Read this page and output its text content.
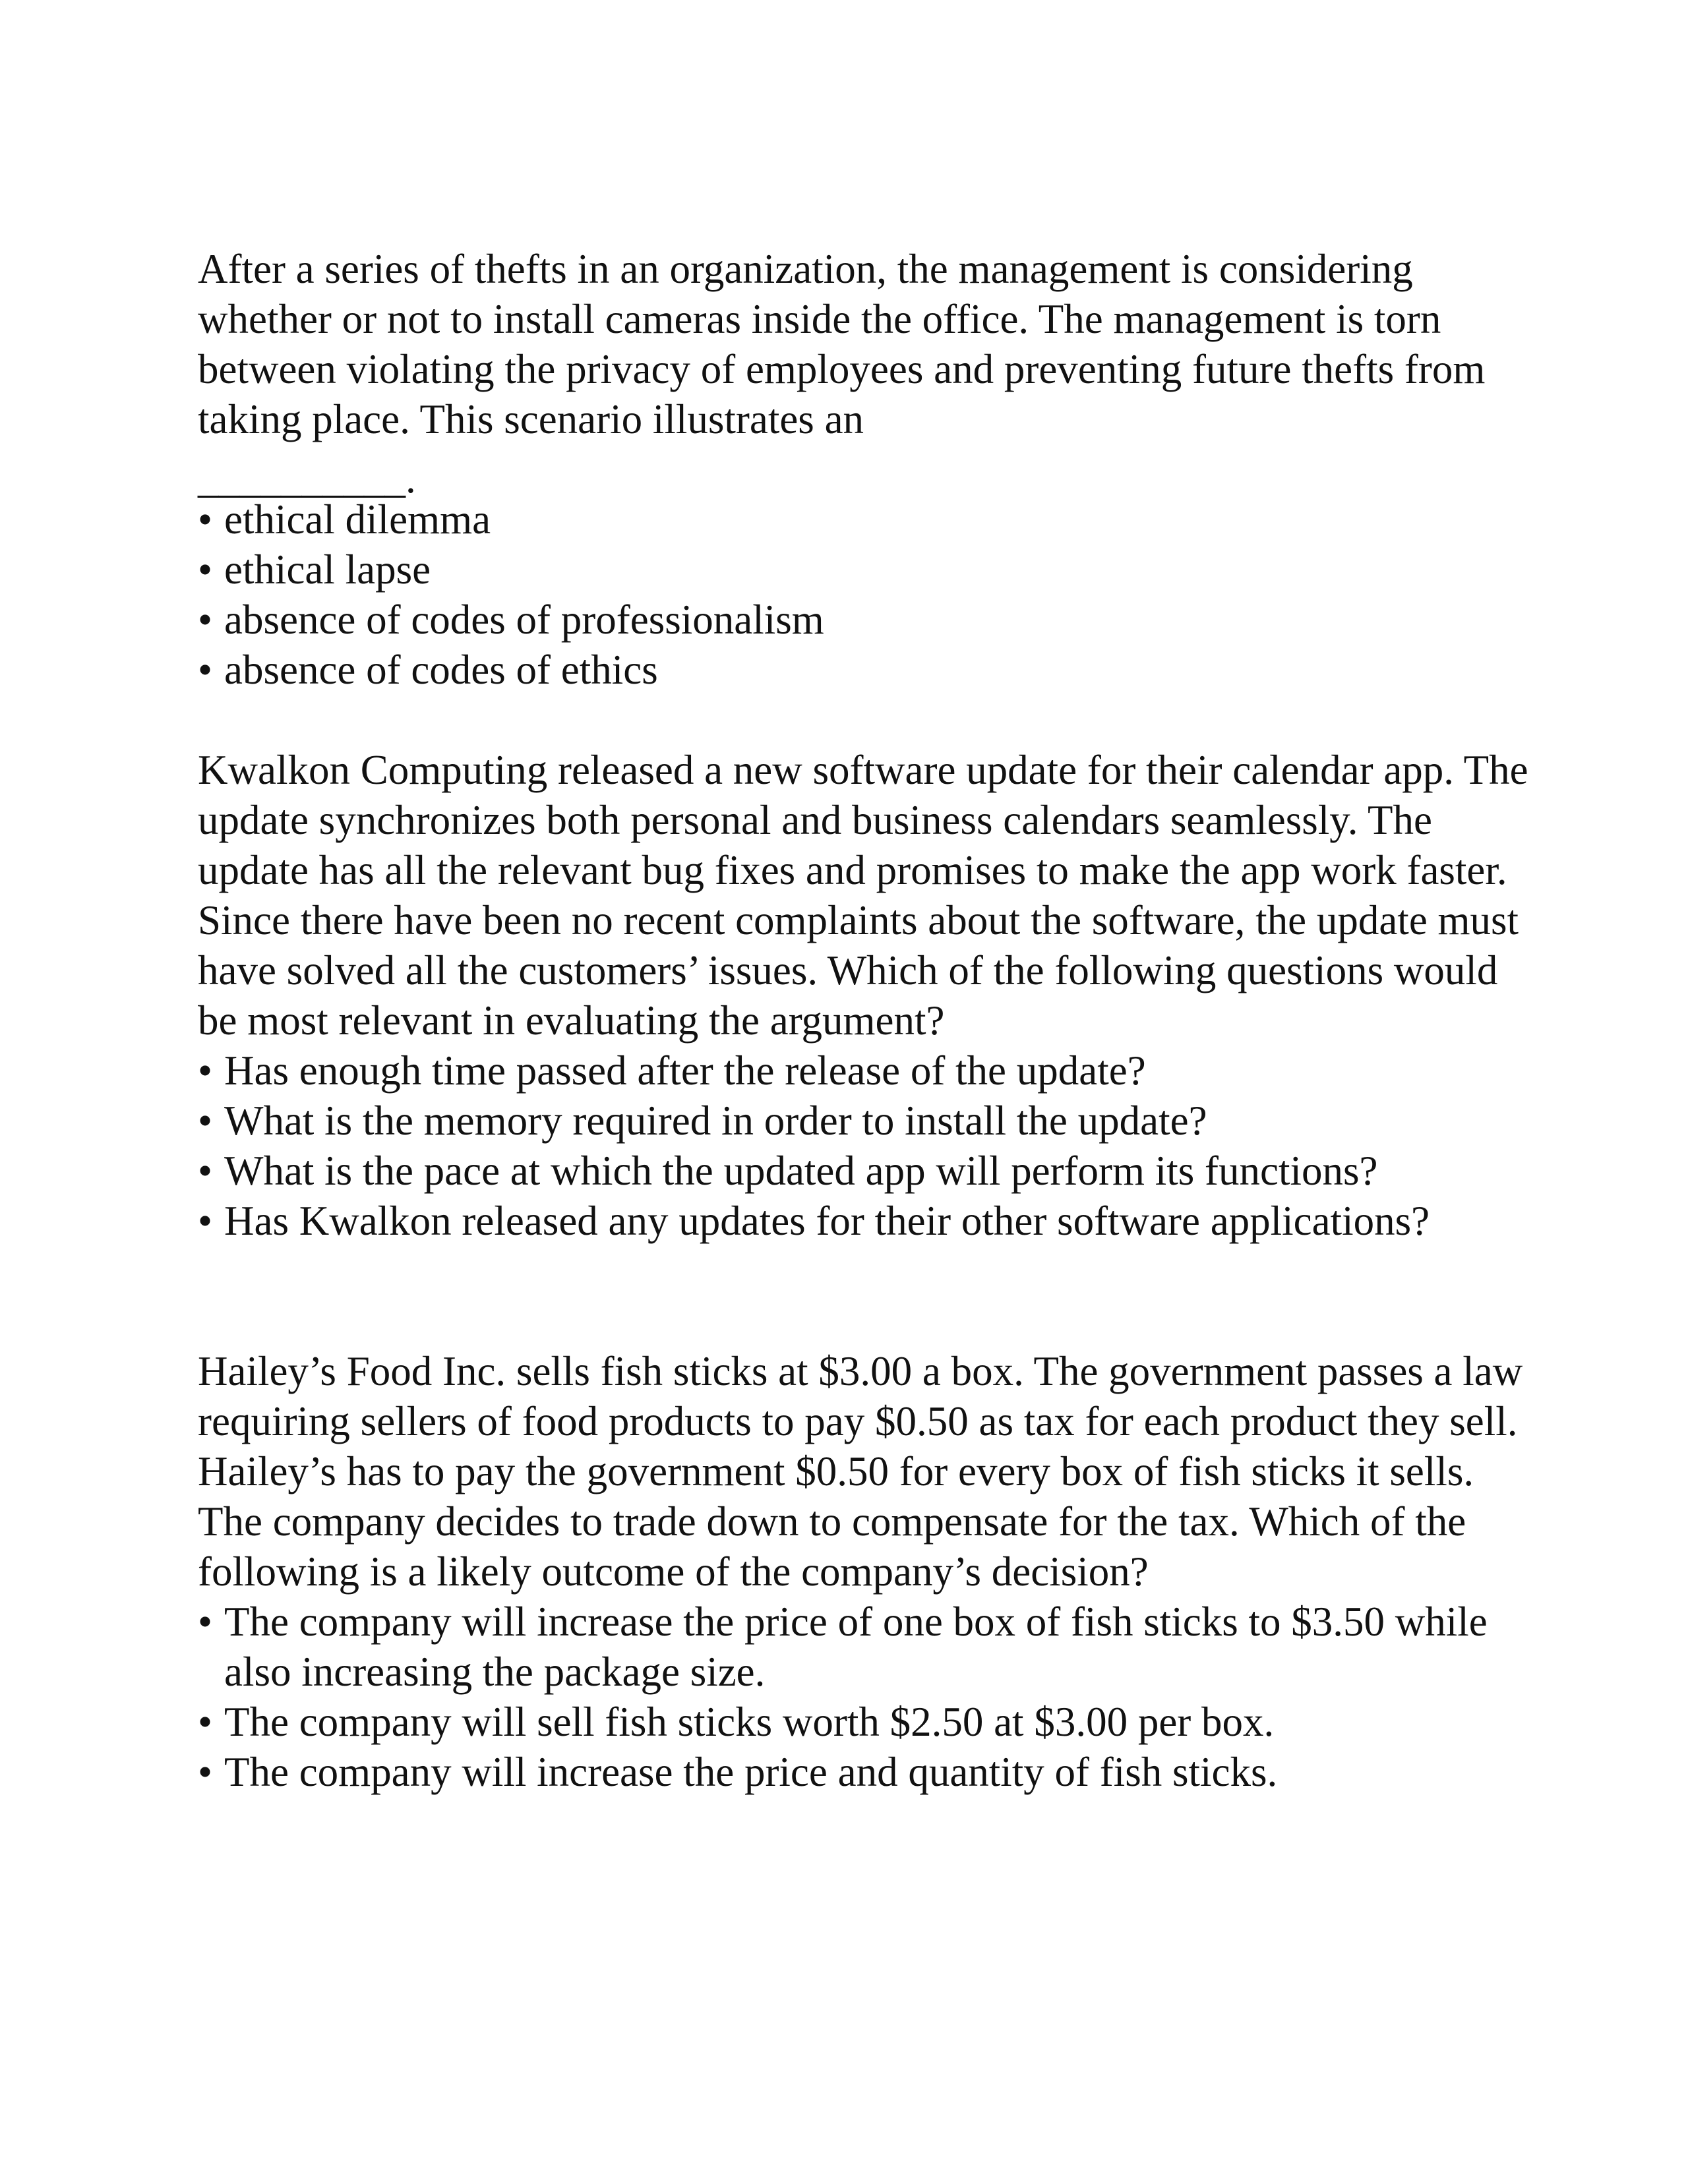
After a series of thefts in an organization, the management is considering whether or not to install cameras inside the office. The management is torn between violating the privacy of employees and preventing future thefts from taking place. This scenario illustrates an

__________.
• ethical dilemma
• ethical lapse
• absence of codes of professionalism
• absence of codes of ethics

Kwalkon Computing released a new software update for their calendar app. The update synchronizes both personal and business calendars seamlessly. The update has all the relevant bug fixes and promises to make the app work faster. Since there have been no recent complaints about the software, the update must have solved all the customers’ issues. Which of the following questions would be most relevant in evaluating the argument?

• Has enough time passed after the release of the update?
• What is the memory required in order to install the update?
• What is the pace at which the updated app will perform its functions?
• Has Kwalkon released any updates for their other software applications?

Hailey’s Food Inc. sells fish sticks at $3.00 a box. The government passes a law requiring sellers of food products to pay $0.50 as tax for each product they sell. Hailey’s has to pay the government $0.50 for every box of fish sticks it sells. The company decides to trade down to compensate for the tax. Which of the following is a likely outcome of the company’s decision?

• The company will increase the price of one box of fish sticks to $3.50 while also increasing the package size.
• The company will sell fish sticks worth $2.50 at $3.00 per box.
• The company will increase the price and quantity of fish sticks.
